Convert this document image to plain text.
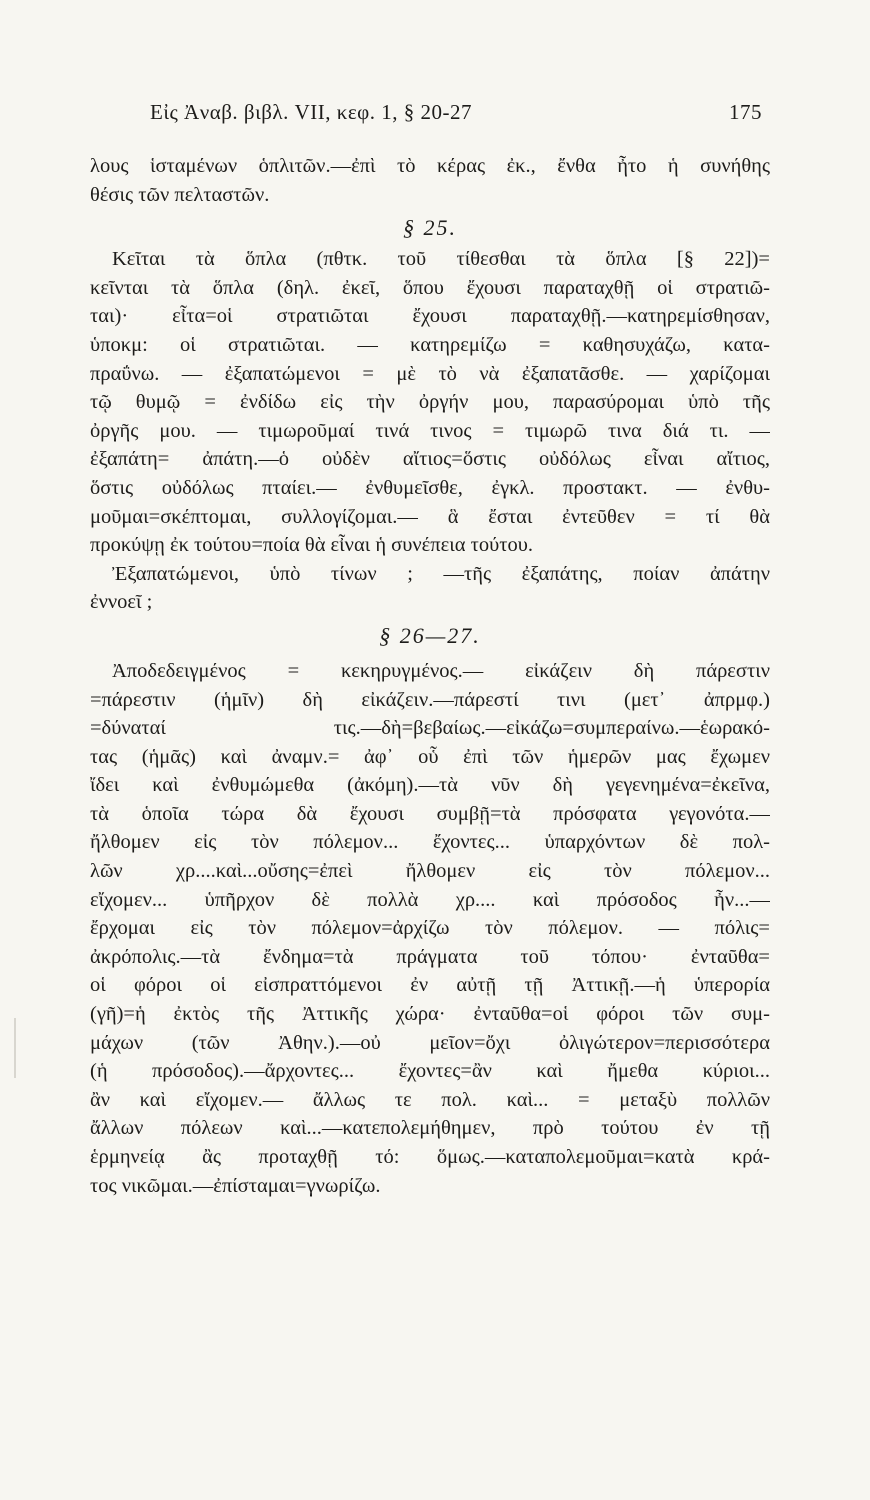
Εἰς Ἀναβ. βιβλ. VII, κεφ. 1, § 20-27	175
λους ἱσταμένων ὁπλιτῶν.—ἐπὶ τὸ κέρας ἐκ., ἔνθα ἦτο ἡ συνήθης
θέσις τῶν πελταστῶν.
§ 25.
Κεῖται τὰ ὅπλα (πθτκ. τοῦ τίθεσθαι τὰ ὅπλα [§ 22])=
κεῖνται τὰ ὅπλα (δηλ. ἐκεῖ, ὅπου ἔχουσι παραταχθῇ οἱ στρατιῶ-
ται)· εἶτα=οἱ στρατιῶται ἔχουσι παραταχθῇ.—κατηρεμίσθησαν,
ὑποκμ: οἱ στρατιῶται. — κατηρεμίζω = καθησυχάζω, κατα-
πραΰνω. — ἐξαπατώμενοι = μὲ τὸ νὰ ἐξαπατᾶσθε. — χαρίζομαι
τῷ θυμῷ = ἐνδίδω εἰς τὴν ὀργήν μου, παρασύρομαι ὑπὸ τῆς
ὀργῆς μου. — τιμωροῦμαί τινά τινος = τιμωρῶ τινα διά τι. —
ἐξαπάτη= ἀπάτη.—ὁ οὐδὲν αἴτιος=ὅστις οὐδόλως εἶναι αἴτιος,
ὅστις οὐδόλως πταίει.— ἐνθυμεῖσθε, ἐγκλ. προστακτ. — ἐνθυ-
μοῦμαι=σκέπτομαι, συλλογίζομαι.— ἃ ἔσται ἐντεῦθεν = τί θὰ
προκύψῃ ἐκ τούτου=ποία θὰ εἶναι ἡ συνέπεια τούτου.
Ἐξαπατώμενοι, ὑπὸ τίνων ; —τῆς ἐξαπάτης, ποίαν ἀπάτην
ἐννοεῖ ;
§ 26—27.
Ἀποδεδειγμένος = κεκηρυγμένος.— εἰκάζειν δὴ πάρεστιν
=πάρεστιν (ἡμῖν) δὴ εἰκάζειν.—πάρεστί τινι (μετ᾽ ἀπρμφ.)
=δύναταί τις.—δὴ=βεβαίως.—εἰκάζω=συμπεραίνω.—ἑωρακό-
τας (ἡμᾶς) καὶ ἀναμν.= ἀφ᾽ οὗ ἐπὶ τῶν ἡμερῶν μας ἔχωμεν
ἴδει καὶ ἐνθυμώμεθα (ἀκόμη).—τὰ νῦν δὴ γεγενημένα=ἐκεῖνα,
τὰ ὁποῖα τώρα δὰ ἔχουσι συμβῇ=τὰ πρόσφατα γεγονότα.—
ἤλθομεν εἰς τὸν πόλεμον... ἔχοντες... ὑπαρχόντων δὲ πολ-
λῶν χρ....καὶ...οὔσης=ἐπεὶ ἤλθομεν εἰς τὸν πόλεμον...
εἴχομεν... ὑπῆρχον δὲ πολλὰ χρ.... καὶ πρόσοδος ἦν...—
ἔρχομαι εἰς τὸν πόλεμον=ἀρχίζω τὸν πόλεμον. — πόλις=
ἀκρόπολις.—τὰ ἔνδημα=τὰ πράγματα τοῦ τόπου· ἐνταῦθα=
οἱ φόροι οἱ εἰσπραττόμενοι ἐν αὐτῇ τῇ Ἀττικῇ.—ἡ ὑπερορία
(γῆ)=ἡ ἐκτὸς τῆς Ἀττικῆς χώρα· ἐνταῦθα=οἱ φόροι τῶν συμ-
μάχων (τῶν Ἀθην.).—οὐ μεῖον=ὄχι ὀλιγώτερον=περισσότερα
(ἡ πρόσοδος).—ἄρχοντες... ἔχοντες=ἂν καὶ ἤμεθα κύριοι...
ἂν καὶ εἴχομεν.— ἄλλως τε πολ. καὶ... = μεταξὺ πολλῶν
ἄλλων πόλεων καὶ...—κατεπολεμήθημεν, πρὸ τούτου ἐν τῇ
ἑρμηνείᾳ ἂς προταχθῇ τό: ὅμως.—καταπολεμοῦμαι=κατὰ κρά-
τος νικῶμαι.—ἐπίσταμαι=γνωρίζω.
